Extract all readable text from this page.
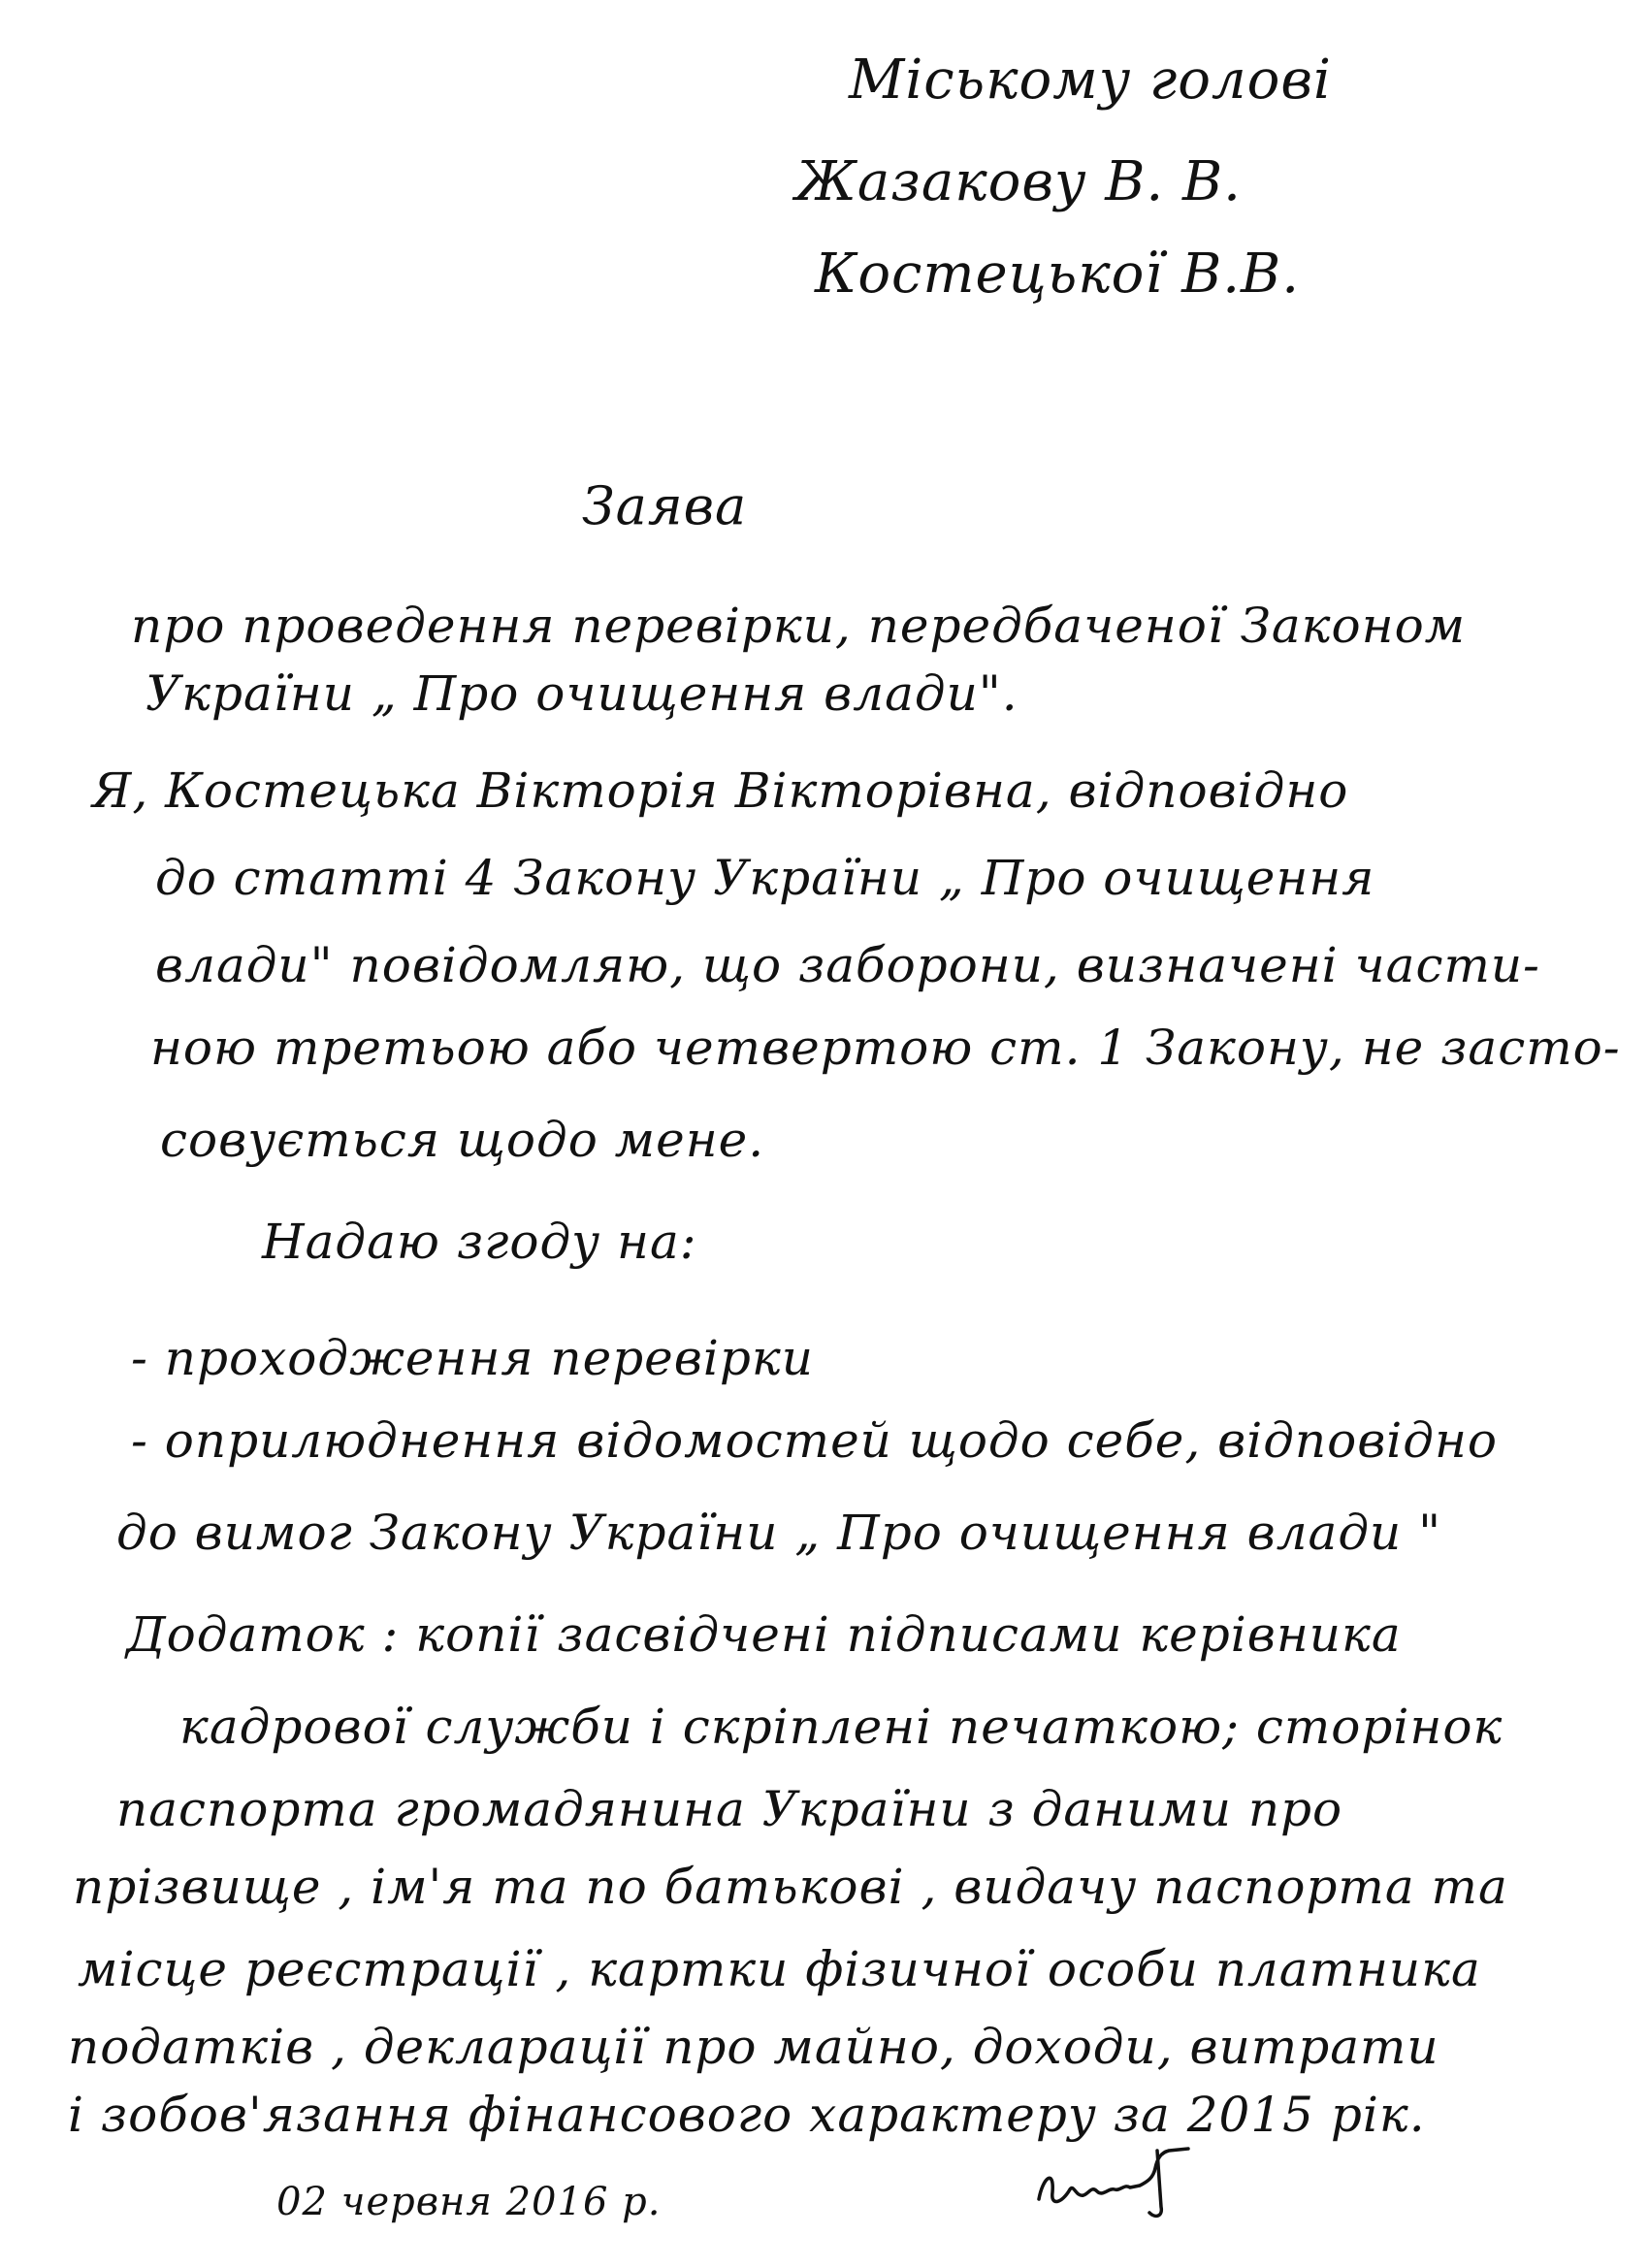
Міському голові
Жазакову В. В.
Костецької В.В.
Заява
про проведення перевірки, передбаченої Законом
України „ Про очищення влади".
Я, Костецька Вікторія Вікторівна, відповідно
до статті 4 Закону України „ Про очищення
влади" повідомляю, що заборони, визначені части-
ною третьою або четвертою ст. 1 Закону, не засто-
совується щодо мене.
Надаю згоду на:
- проходження перевірки
- оприлюднення відомостей щодо себе, відповідно
до вимог Закону України „ Про очищення влади "
Додаток : копії засвідчені підписами керівника
кадрової служби і скріплені печаткою; сторінок
паспорта громадянина України з даними про
прізвище , ім'я та по батькові , видачу паспорта та
місце реєстрації , картки фізичної особи платника
податків , декларації про майно, доходи, витрати
і зобов'язання фінансового характеру за 2015 рік.
02 червня 2016 р.
